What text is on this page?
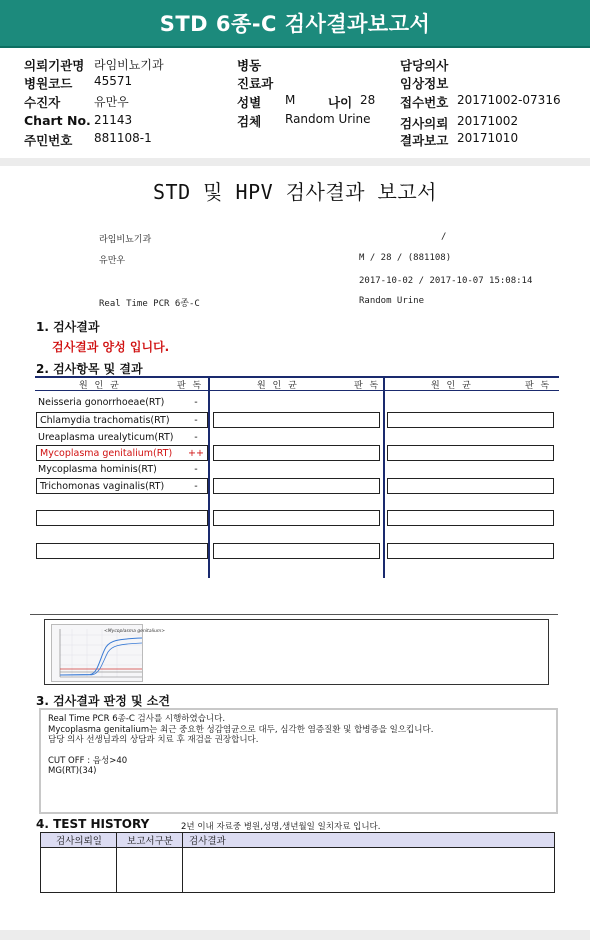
STD 6종-C 검사결과보고서
의뢰기관명 라임비뇨기과
병원코드 45571
수진자	유만우
Chart No. 21143
주민번호 881108-1
병동
진료과
성별 M	나이 28
검체 Random Urine
담당의사
임상정보
접수번호 20171002-07316
검사의뢰 20171002
결과보고 20171010
STD 및 HPV 검사결과 보고서
라임비뇨기과	/
유만우	M / 28 / (881108)
2017-10-02 / 2017-10-07 15:08:14
Real Time PCR 6종-C	Random Urine
1. 검사결과
검사결과 양성 입니다.
2. 검사항목 및 결과
원 인 균	판 독	원 인 균	판 독	원 인 균	판 독
Neisseria gonorrhoeae(RT)	-
Chlamydia trachomatis(RT)	-
Ureaplasma urealyticum(RT)	-
Mycoplasma genitalium(RT)	++
Mycoplasma hominis(RT)	-
Trichomonas vaginalis(RT)	-
<Mycoplasma genitalium>
3. 검사결과 판정 및 소견
Real Time PCR 6종-C 검사를 시행하였습니다.
Mycoplasma genitalium는 최근 중요한 성감염균으로 대두, 심각한 염증질환 및 합병증을 일으킵니다.
담당 의사 선생님과의 상담과 치료 후 재검을 권장합니다.
CUT OFF : 음성>40
MG(RT)(34)
4. TEST HISTORY	2년 이내 자료중 병원,성명,생년월일 일치자료 입니다.
검사의뢰일	보고서구분	검사결과
